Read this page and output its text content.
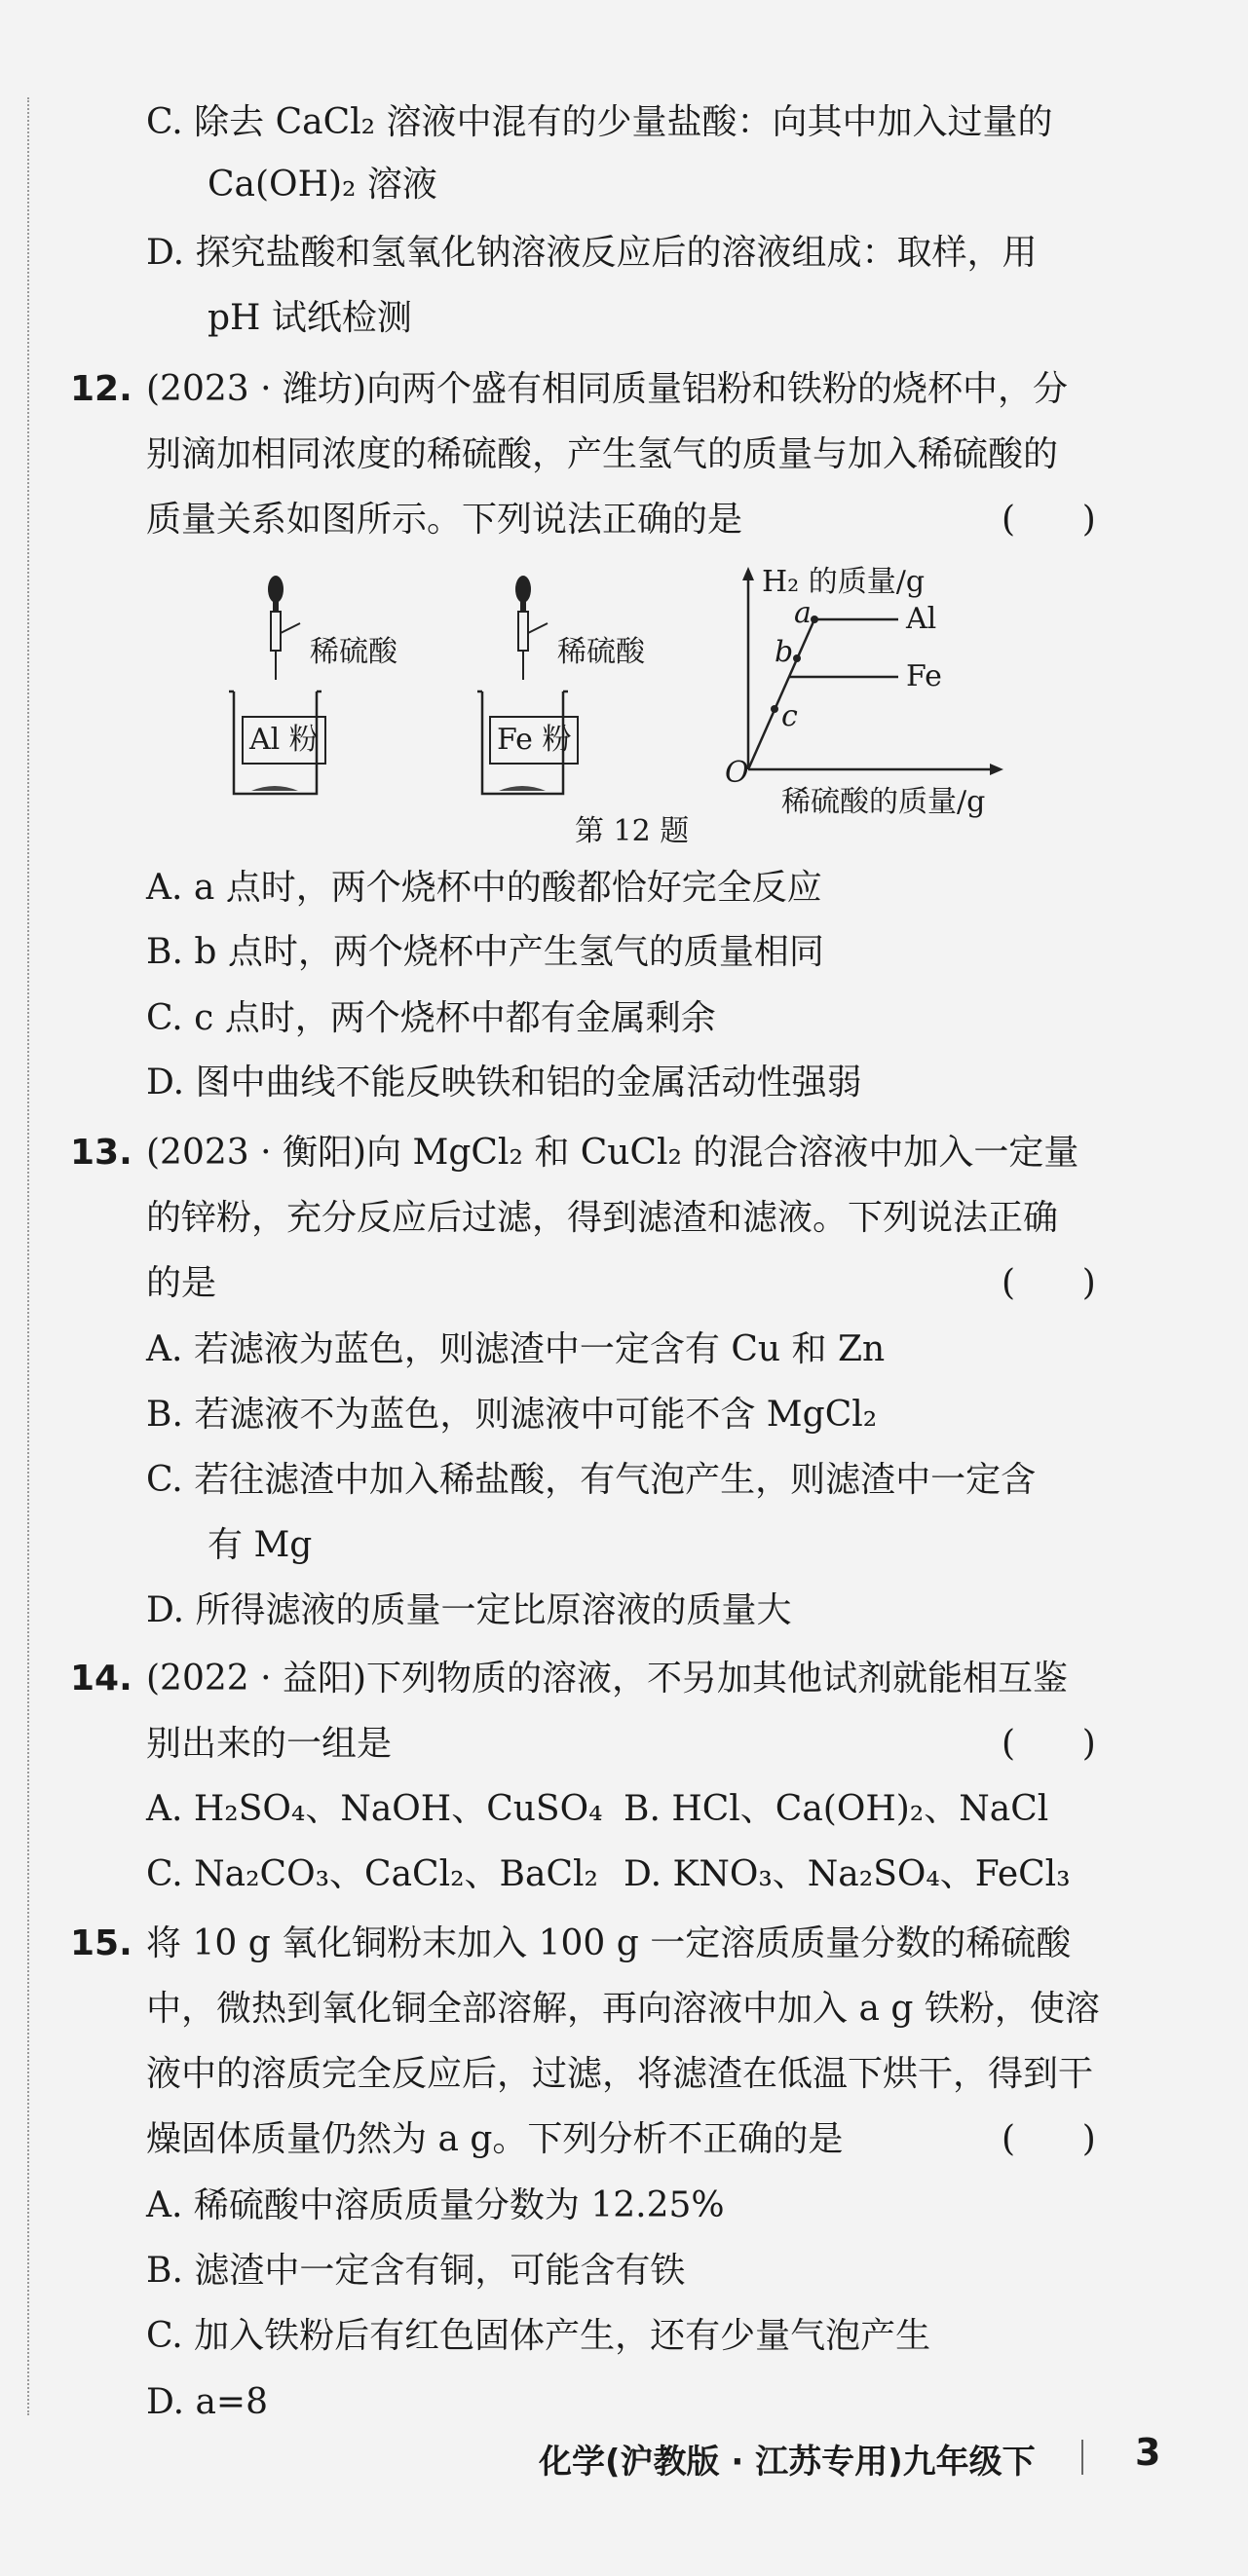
C. 除去 CaCl₂ 溶液中混有的少量盐酸：向其中加入过量的
Ca(OH)₂ 溶液
D. 探究盐酸和氢氧化钠溶液反应后的溶液组成：取样，用
pH 试纸检测
12. (2023 · 潍坊)向两个盛有相同质量铝粉和铁粉的烧杯中，分
别滴加相同浓度的稀硫酸，产生氢气的质量与加入稀硫酸的
质量关系如图所示。下列说法正确的是	(      )
稀硫酸	稀硫酸
Al 粉	Fe 粉
H₂ 的质量/g
稀硫酸的质量/g
O
a
b
c
Al
Fe
第 12 题
A. a 点时，两个烧杯中的酸都恰好完全反应
B. b 点时，两个烧杯中产生氢气的质量相同
C. c 点时，两个烧杯中都有金属剩余
D. 图中曲线不能反映铁和铝的金属活动性强弱
13. (2023 · 衡阳)向 MgCl₂ 和 CuCl₂ 的混合溶液中加入一定量
的锌粉，充分反应后过滤，得到滤渣和滤液。下列说法正确
的是	(      )
A. 若滤液为蓝色，则滤渣中一定含有 Cu 和 Zn
B. 若滤液不为蓝色，则滤液中可能不含 MgCl₂
C. 若往滤渣中加入稀盐酸，有气泡产生，则滤渣中一定含
有 Mg
D. 所得滤液的质量一定比原溶液的质量大
14. (2022 · 益阳)下列物质的溶液，不另加其他试剂就能相互鉴
别出来的一组是	(      )
A. H₂SO₄、NaOH、CuSO₄ B. HCl、Ca(OH)₂、NaCl
C. Na₂CO₃、CaCl₂、BaCl₂ D. KNO₃、Na₂SO₄、FeCl₃
15. 将 10 g 氧化铜粉末加入 100 g 一定溶质质量分数的稀硫酸
中，微热到氧化铜全部溶解，再向溶液中加入 a g 铁粉，使溶
液中的溶质完全反应后，过滤，将滤渣在低温下烘干，得到干
燥固体质量仍然为 a g。下列分析不正确的是	(      )
A. 稀硫酸中溶质质量分数为 12.25%
B. 滤渣中一定含有铜，可能含有铁
C. 加入铁粉后有红色固体产生，还有少量气泡产生
D. a=8
化学(沪教版 · 江苏专用)九年级下	3
